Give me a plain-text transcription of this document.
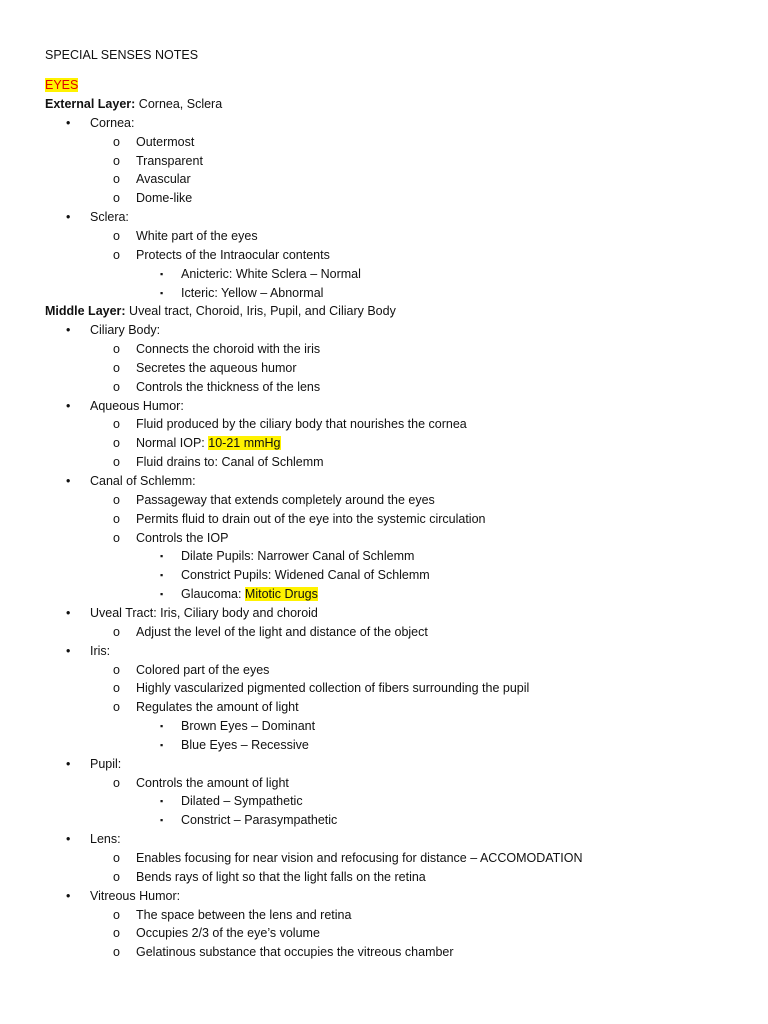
SPECIAL SENSES NOTES
EYES
External Layer: Cornea, Sclera
• Cornea:
o Outermost
o Transparent
o Avascular
o Dome-like
• Sclera:
o White part of the eyes
o Protects of the Intraocular contents
▪ Anicteric: White Sclera – Normal
▪ Icteric: Yellow – Abnormal
Middle Layer: Uveal tract, Choroid, Iris, Pupil, and Ciliary Body
• Ciliary Body:
o Connects the choroid with the iris
o Secretes the aqueous humor
o Controls the thickness of the lens
• Aqueous Humor:
o Fluid produced by the ciliary body that nourishes the cornea
o Normal IOP: 10-21 mmHg
o Fluid drains to: Canal of Schlemm
• Canal of Schlemm:
o Passageway that extends completely around the eyes
o Permits fluid to drain out of the eye into the systemic circulation
o Controls the IOP
▪ Dilate Pupils: Narrower Canal of Schlemm
▪ Constrict Pupils: Widened Canal of Schlemm
▪ Glaucoma: Mitotic Drugs
• Uveal Tract: Iris, Ciliary body and choroid
o Adjust the level of the light and distance of the object
• Iris:
o Colored part of the eyes
o Highly vascularized pigmented collection of fibers surrounding the pupil
o Regulates the amount of light
▪ Brown Eyes – Dominant
▪ Blue Eyes – Recessive
• Pupil:
o Controls the amount of light
▪ Dilated – Sympathetic
▪ Constrict – Parasympathetic
• Lens:
o Enables focusing for near vision and refocusing for distance – ACCOMODATION
o Bends rays of light so that the light falls on the retina
• Vitreous Humor:
o The space between the lens and retina
o Occupies 2/3 of the eye’s volume
o Gelatinous substance that occupies the vitreous chamber
